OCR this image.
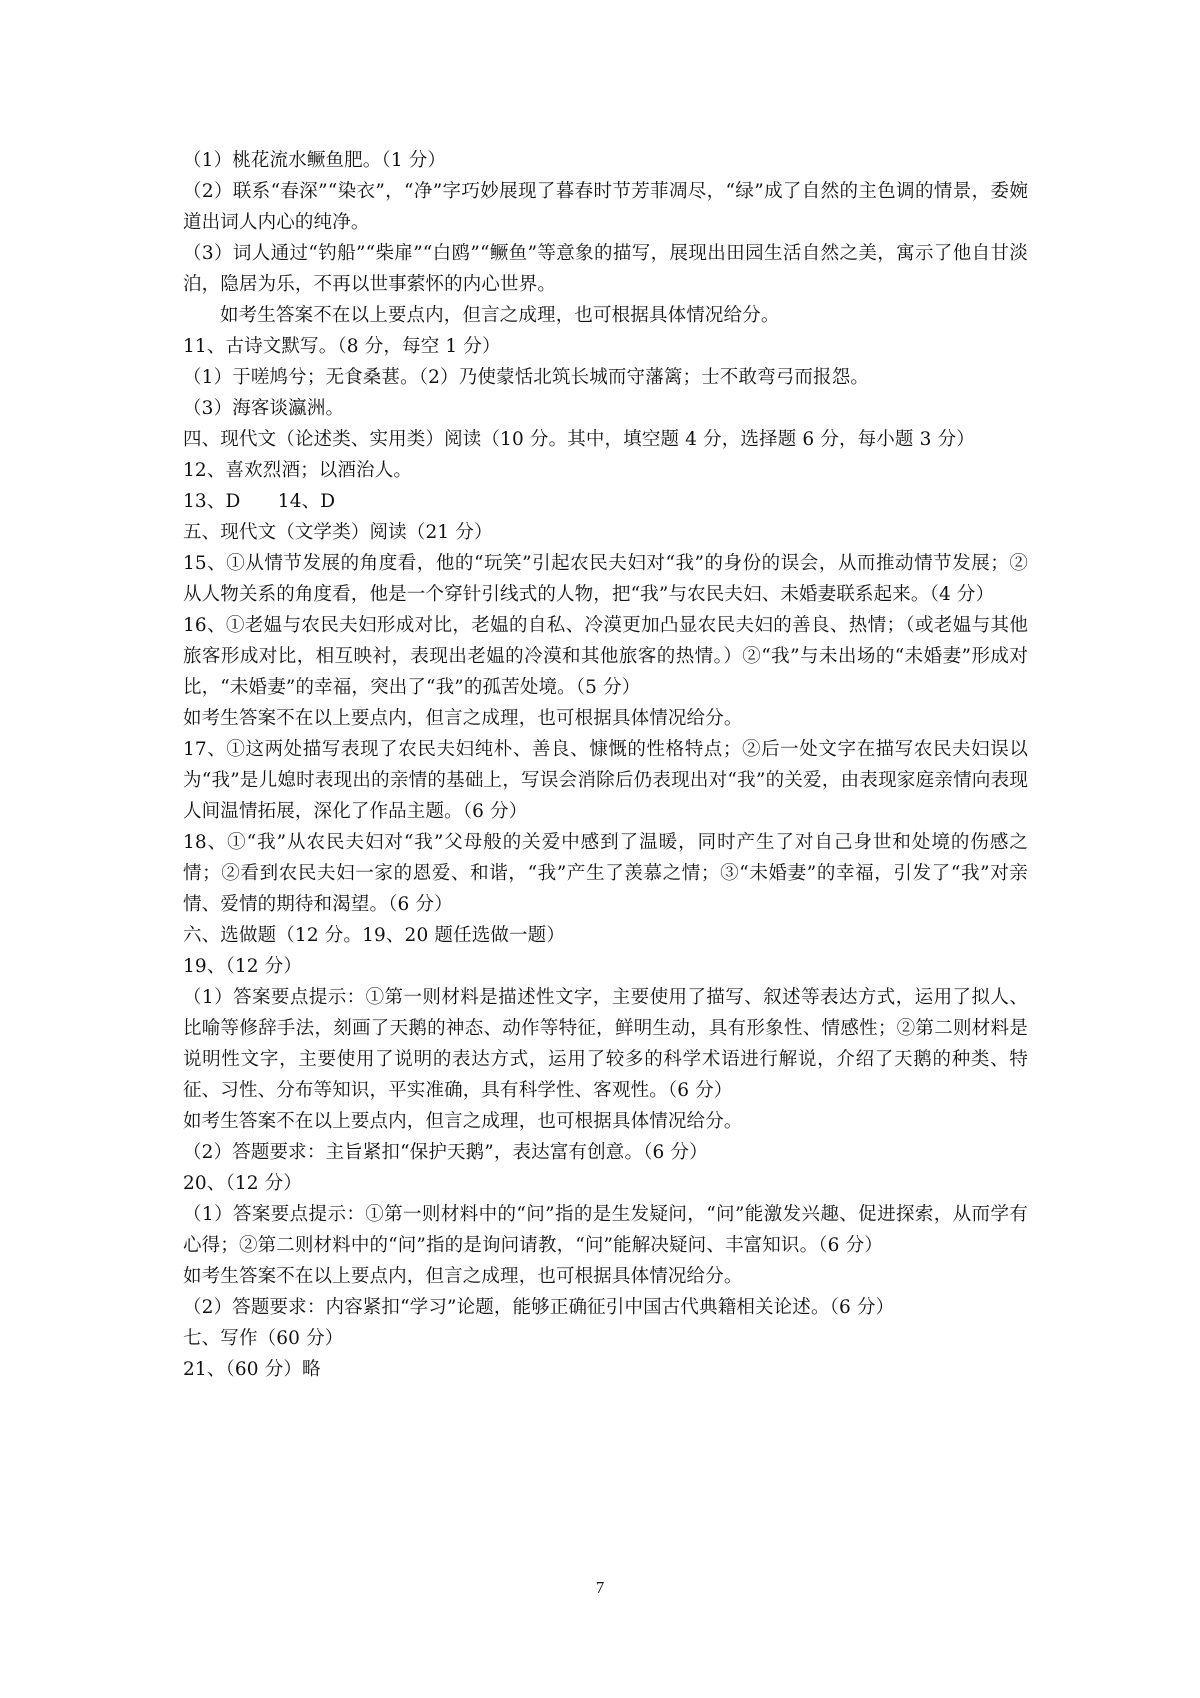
（1）桃花流水鳜鱼肥。（1 分）

（2）联系“春深”“染衣”，“净”字巧妙展现了暮春时节芳菲凋尽，“绿”成了自然的主色调的情景，委婉道出词人内心的纯净。

（3）词人通过“钓船”“柴扉”“白鸥”“鳜鱼”等意象的描写，展现出田园生活自然之美，寓示了他自甘淡泊，隐居为乐，不再以世事萦怀的内心世界。

如考生答案不在以上要点内，但言之成理，也可根据具体情况给分。

11、古诗文默写。（8 分，每空 1 分）

（1）于嗟鸠兮；无食桑葚。（2）乃使蒙恬北筑长城而守藩篱；士不敢弯弓而报怨。

（3）海客谈瀛洲。

四、现代文（论述类、实用类）阅读（10 分。其中，填空题 4 分，选择题 6 分，每小题 3 分）

12、喜欢烈酒；以酒治人。

13、D　　14、D

五、现代文（文学类）阅读（21 分）

15、①从情节发展的角度看，他的“玩笑”引起农民夫妇对“我”的身份的误会，从而推动情节发展；②从人物关系的角度看，他是一个穿针引线式的人物，把“我”与农民夫妇、未婚妻联系起来。（4 分）

16、①老媪与农民夫妇形成对比，老媪的自私、冷漠更加凸显农民夫妇的善良、热情；（或老媪与其他旅客形成对比，相互映衬，表现出老媪的冷漠和其他旅客的热情。）②“我”与未出场的“未婚妻”形成对比，“未婚妻”的幸福，突出了“我”的孤苦处境。（5 分）

如考生答案不在以上要点内，但言之成理，也可根据具体情况给分。

17、①这两处描写表现了农民夫妇纯朴、善良、慷慨的性格特点；②后一处文字在描写农民夫妇误以为“我”是儿媳时表现出的亲情的基础上，写误会消除后仍表现出对“我”的关爱，由表现家庭亲情向表现人间温情拓展，深化了作品主题。（6 分）

18、①“我”从农民夫妇对“我”父母般的关爱中感到了温暖，同时产生了对自己身世和处境的伤感之情；②看到农民夫妇一家的恩爱、和谐，“我”产生了羡慕之情；③“未婚妻”的幸福，引发了“我”对亲情、爱情的期待和渴望。（6 分）

六、选做题（12 分。19、20 题任选做一题）

19、（12 分）

（1）答案要点提示：①第一则材料是描述性文字，主要使用了描写、叙述等表达方式，运用了拟人、比喻等修辞手法，刻画了天鹅的神态、动作等特征，鲜明生动，具有形象性、情感性；②第二则材料是说明性文字，主要使用了说明的表达方式，运用了较多的科学术语进行解说，介绍了天鹅的种类、特征、习性、分布等知识，平实准确，具有科学性、客观性。（6 分）

如考生答案不在以上要点内，但言之成理，也可根据具体情况给分。

（2）答题要求：主旨紧扣“保护天鹅”，表达富有创意。（6 分）

20、（12 分）

（1）答案要点提示：①第一则材料中的“问”指的是生发疑问，“问”能激发兴趣、促进探索，从而学有心得；②第二则材料中的“问”指的是询问请教，“问”能解决疑问、丰富知识。（6 分）

如考生答案不在以上要点内，但言之成理，也可根据具体情况给分。

（2）答题要求：内容紧扣“学习”论题，能够正确征引中国古代典籍相关论述。（6 分）

七、写作（60 分）

21、（60 分）略

7
